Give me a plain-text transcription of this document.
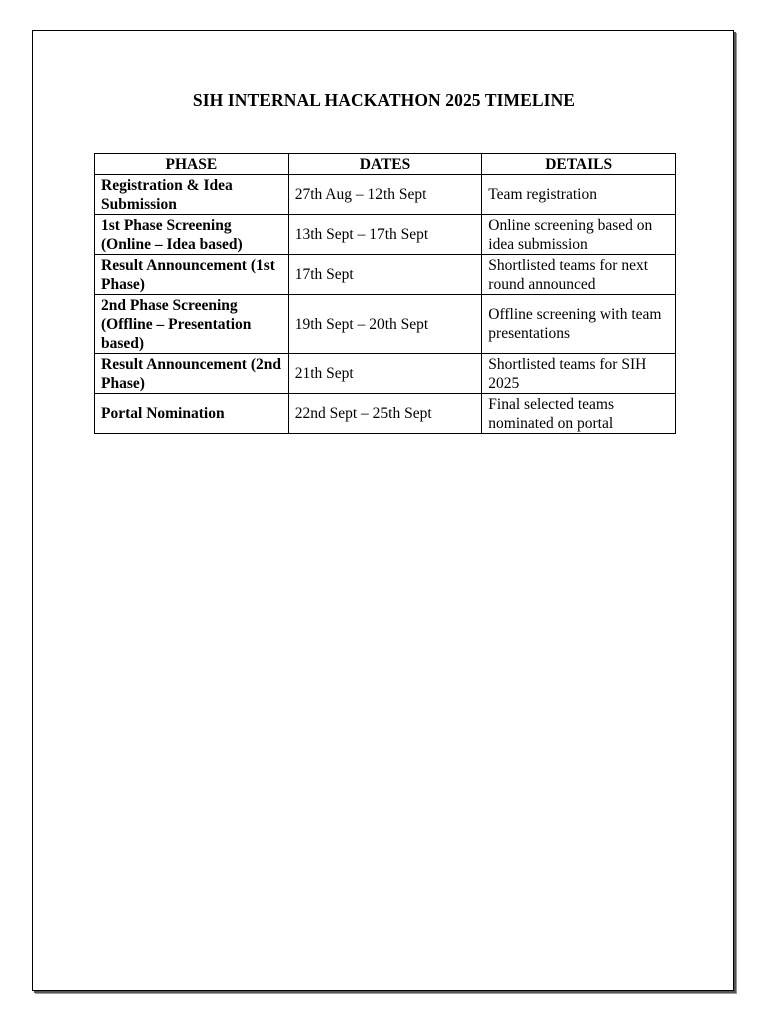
SIH INTERNAL HACKATHON 2025 TIMELINE
PHASE	DATES	DETAILS
Registration & Idea Submission	27th Aug – 12th Sept	Team registration
1st Phase Screening (Online – Idea based)	13th Sept – 17th Sept	Online screening based on idea submission
Result Announcement (1st Phase)	17th Sept	Shortlisted teams for next round announced
2nd Phase Screening (Offline – Presentation based)	19th Sept – 20th Sept	Offline screening with team presentations
Result Announcement (2nd Phase)	21th Sept	Shortlisted teams for SIH 2025
Portal Nomination	22nd Sept – 25th Sept	Final selected teams nominated on portal
